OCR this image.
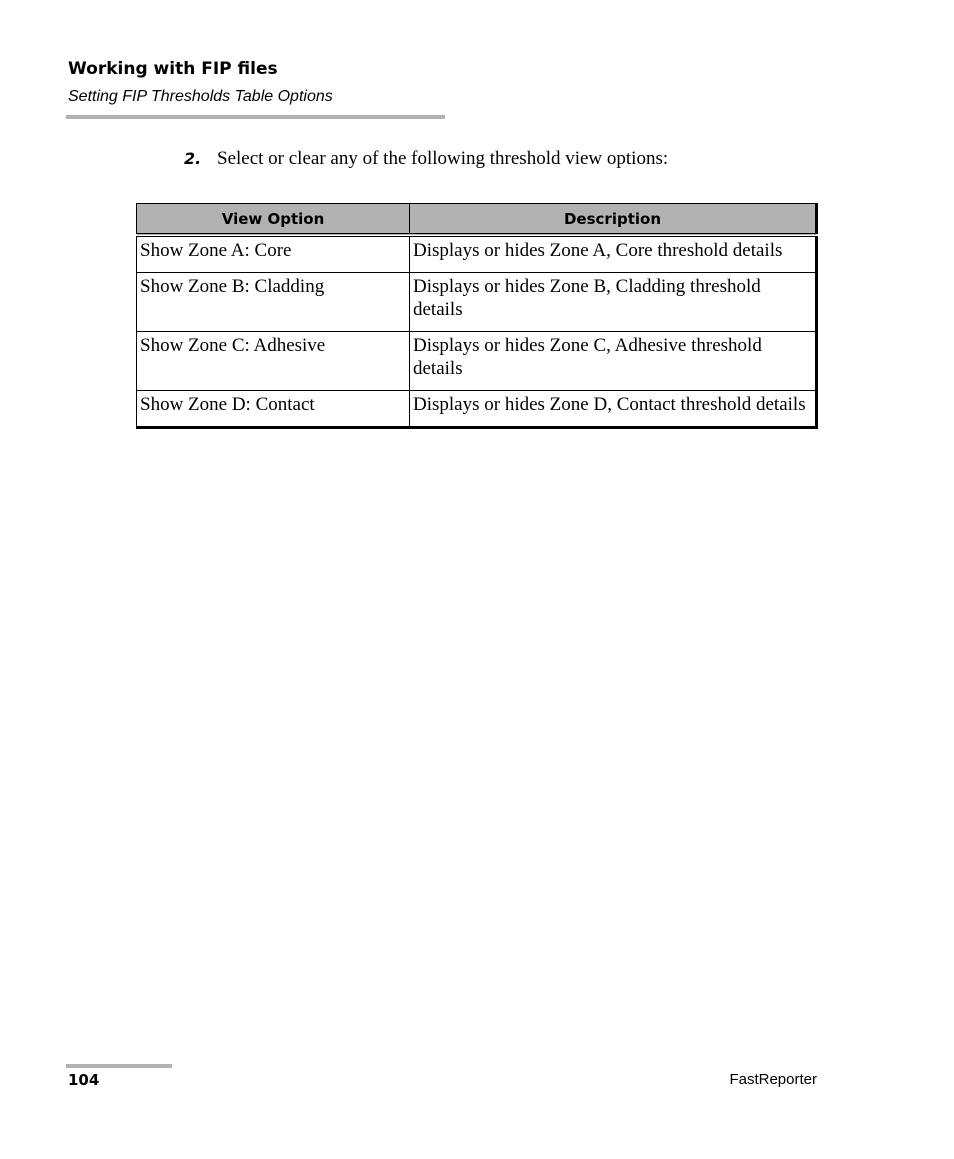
Working with FIP files
Setting FIP Thresholds Table Options
2. Select or clear any of the following threshold view options:
View Option	Description
Show Zone A: Core	Displays or hides Zone A, Core threshold details
Show Zone B: Cladding	Displays or hides Zone B, Cladding threshold details
Show Zone C: Adhesive	Displays or hides Zone C, Adhesive threshold details
Show Zone D: Contact	Displays or hides Zone D, Contact threshold details
104	FastReporter
